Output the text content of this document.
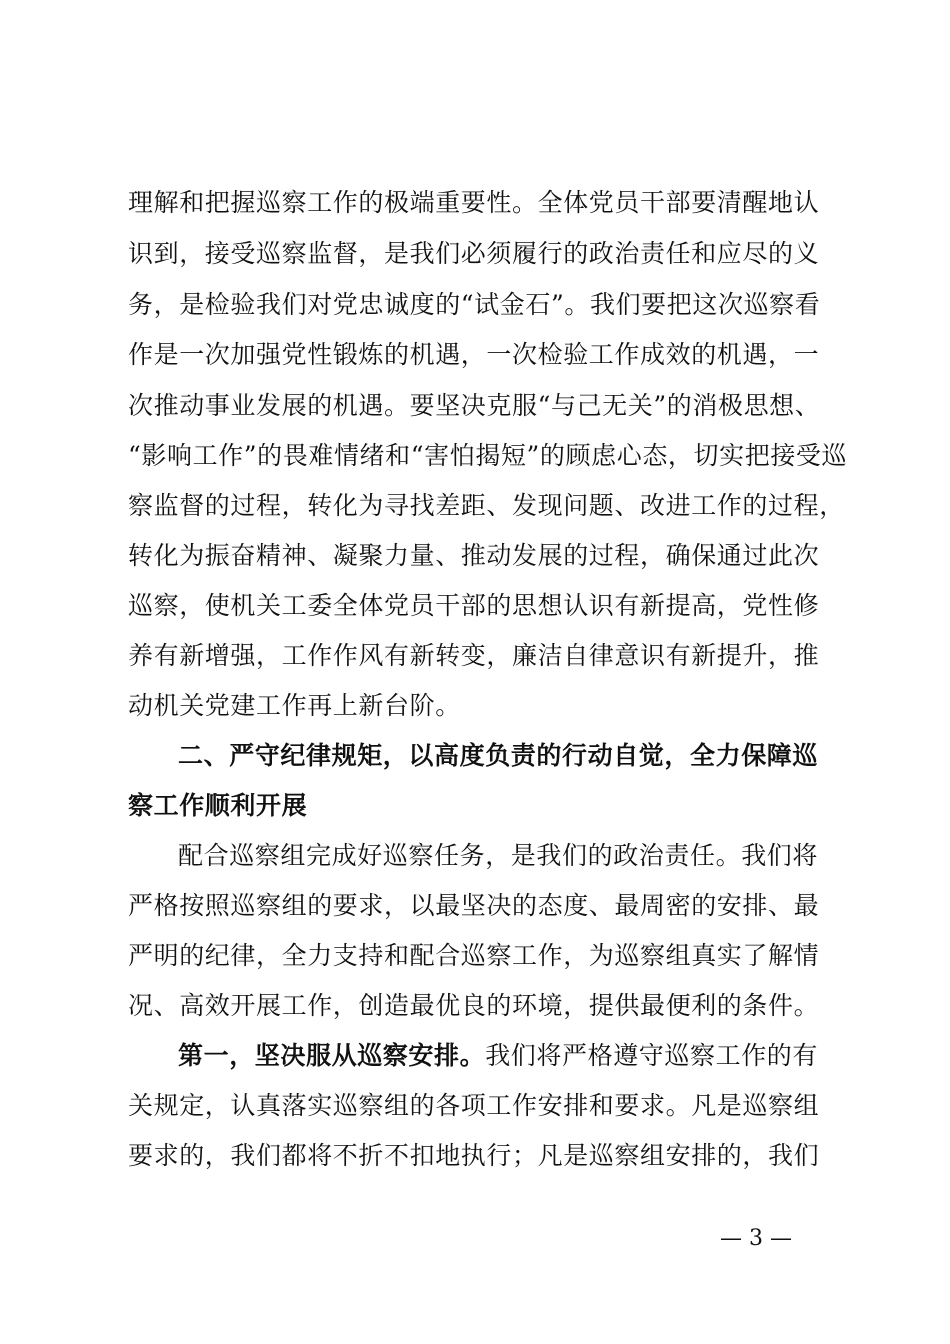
理解和把握巡察工作的极端重要性。全体党员干部要清醒地认
识到，接受巡察监督，是我们必须履行的政治责任和应尽的义
务，是检验我们对党忠诚度的“试金石”。我们要把这次巡察看
作是一次加强党性锻炼的机遇，一次检验工作成效的机遇，一
次推动事业发展的机遇。要坚决克服“与己无关”的消极思想、
“影响工作”的畏难情绪和“害怕揭短”的顾虑心态，切实把接受巡
察监督的过程，转化为寻找差距、发现问题、改进工作的过程，
转化为振奋精神、凝聚力量、推动发展的过程，确保通过此次
巡察，使机关工委全体党员干部的思想认识有新提高，党性修
养有新增强，工作作风有新转变，廉洁自律意识有新提升，推
动机关党建工作再上新台阶。
二、严守纪律规矩，以高度负责的行动自觉，全力保障巡
察工作顺利开展
配合巡察组完成好巡察任务，是我们的政治责任。我们将
严格按照巡察组的要求，以最坚决的态度、最周密的安排、最
严明的纪律，全力支持和配合巡察工作，为巡察组真实了解情
况、高效开展工作，创造最优良的环境，提供最便利的条件。
第一，坚决服从巡察安排。我们将严格遵守巡察工作的有
关规定，认真落实巡察组的各项工作安排和要求。凡是巡察组
要求的，我们都将不折不扣地执行；凡是巡察组安排的，我们
— 3 —
